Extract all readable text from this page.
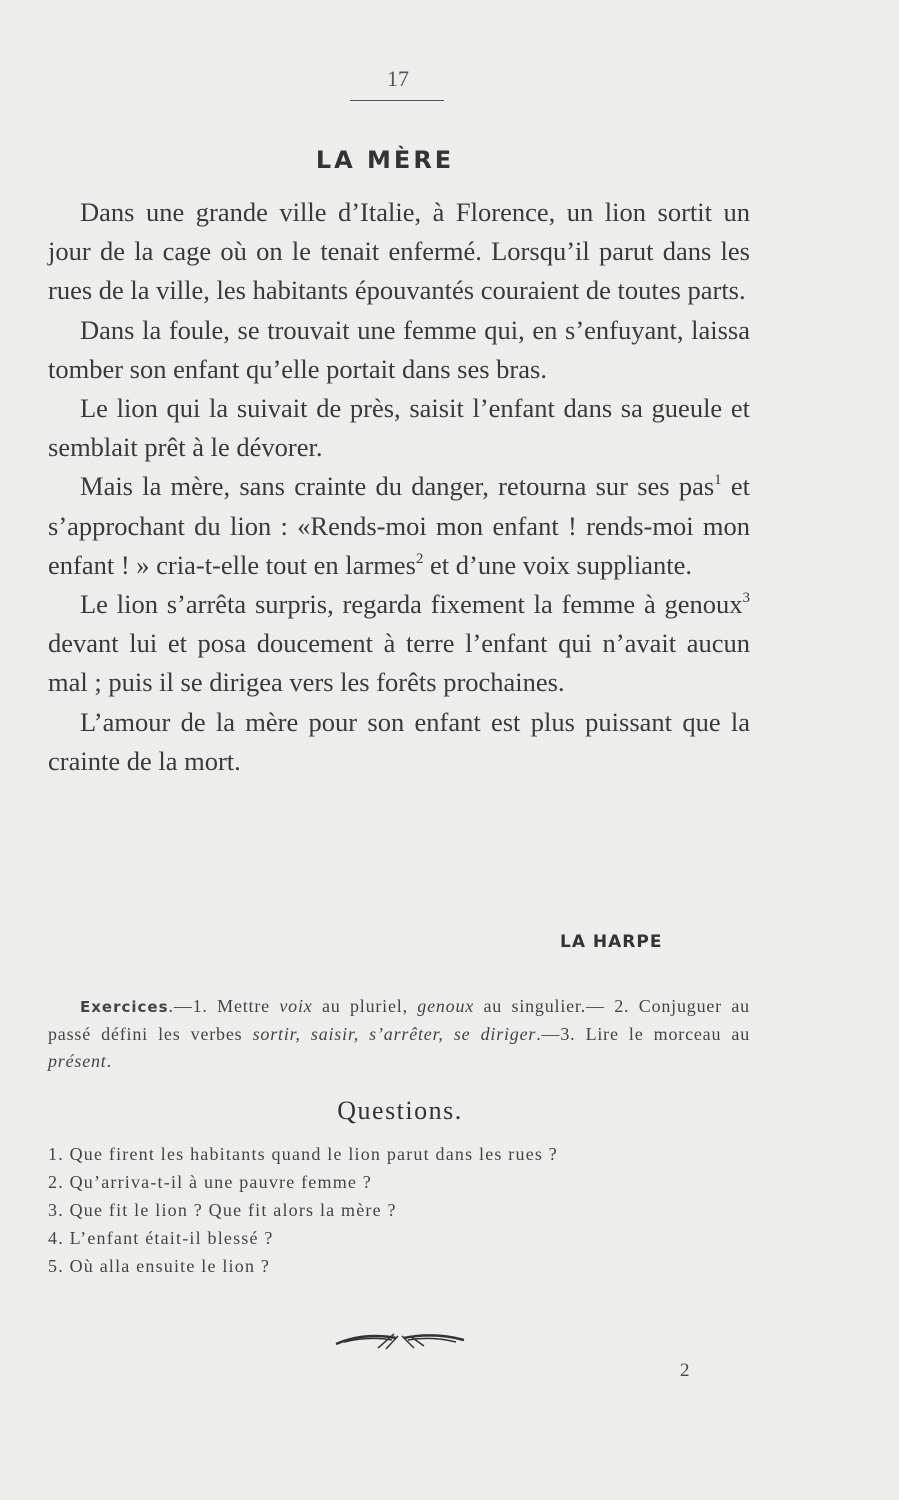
17
LA MÈRE

Dans une grande ville d’Italie, à Florence, un lion sortit un jour de la cage où on le tenait enfermé. Lorsqu’il parut dans les rues de la ville, les habitants épouvantés couraient de toutes parts.

Dans la foule, se trouvait une femme qui, en s’enfuyant, laissa tomber son enfant qu’elle portait dans ses bras.

Le lion qui la suivait de près, saisit l’enfant dans sa gueule et semblait prêt à le dévorer.

Mais la mère, sans crainte du danger, retourna sur ses pas$^1$ et s’approchant du lion : «Rends-moi mon enfant ! rends-moi mon enfant ! » cria-t-elle tout en larmes$^2$ et d’une voix suppliante.

Le lion s’arrêta surpris, regarda fixement la femme à genoux$^3$ devant lui et posa doucement à terre l’enfant qui n’avait aucun mal ; puis il se dirigea vers les forêts prochaines.

L’amour de la mère pour son enfant est plus puissant que la crainte de la mort.

LA HARPE
Exercices.—1. Mettre voix au pluriel, genoux au singulier.— 2. Conjuguer au passé défini les verbes sortir, saisir, s’arrêter, se diriger.—3. Lire le morceau au présent.
Questions.
1. Que firent les habitants quand le lion parut dans les rues ?
2. Qu’arriva-t-il à une pauvre femme ?
3. Que fit le lion ? Que fit alors la mère ?
4. L’enfant était-il blessé ?
5. Où alla ensuite le lion ?
2
